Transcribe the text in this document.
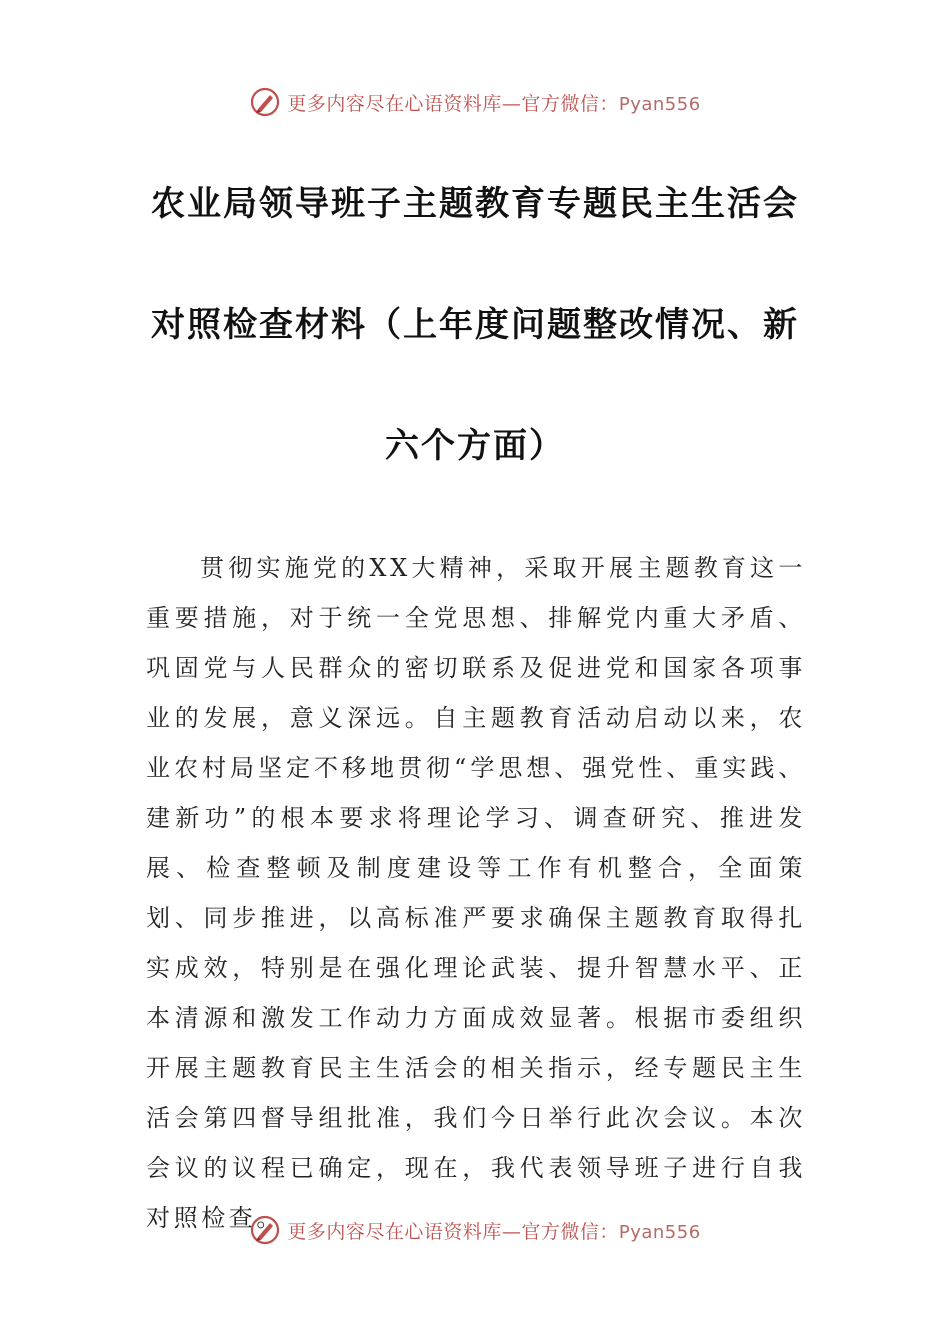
更多内容尽在心语资料库—官方微信：Pyan556
农业局领导班子主题教育专题民主生活会
对照检查材料（上年度问题整改情况、新
六个方面）

贯彻实施党的XX大精神，采取开展主题教育这一重要措施，对于统一全党思想、排解党内重大矛盾、巩固党与人民群众的密切联系及促进党和国家各项事业的发展，意义深远。自主题教育活动启动以来，农业农村局坚定不移地贯彻“学思想、强党性、重实践、建新功”的根本要求将理论学习、调查研究、推进发展、检查整顿及制度建设等工作有机整合，全面策划、同步推进，以高标准严要求确保主题教育取得扎实成效，特别是在强化理论武装、提升智慧水平、正本清源和激发工作动力方面成效显著。根据市委组织开展主题教育民主生活会的相关指示，经专题民主生活会第四督导组批准，我们今日举行此次会议。本次会议的议程已确定，现在，我代表领导班子进行自我对照检查。 更多内容尽在心语资料库—官方微信：Pyan556
